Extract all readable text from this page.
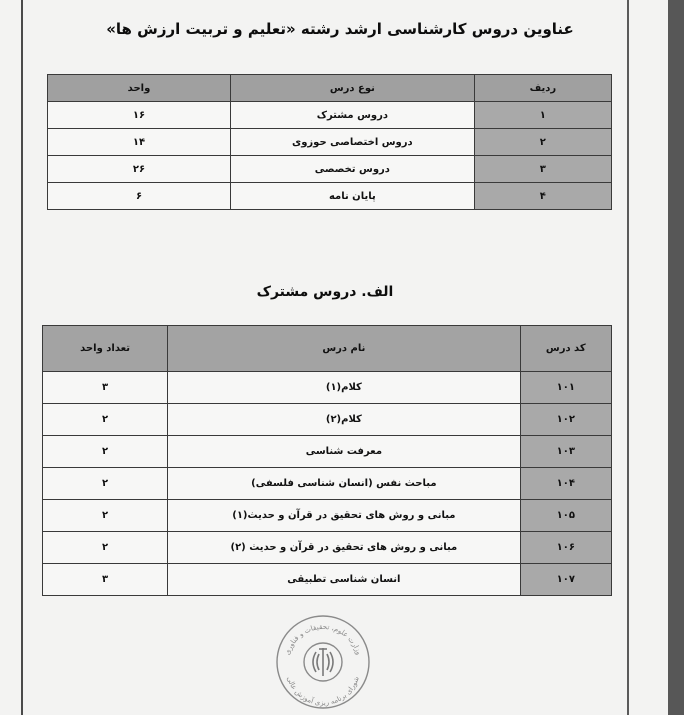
عناوین دروس کارشناسی ارشد رشته «تعلیم و تربیت ارزش ها»
ردیف	نوع درس	واحد
۱	دروس مشترک	۱۶
۲	دروس اختصاصی حوزوی	۱۴
۳	دروس تخصصی	۲۶
۴	پایان نامه	۶
الف. دروس مشترک
کد درس	نام درس	تعداد واحد
۱۰۱	کلام(۱)	۳
۱۰۲	کلام(۲)	۲
۱۰۳	معرفت شناسی	۲
۱۰۴	مباحث نفس (انسان شناسی فلسفی)	۲
۱۰۵	مبانی و روش های تحقیق در قرآن و حدیث(۱)	۲
۱۰۶	مبانی و روش های تحقیق در قرآن و حدیث (۲)	۲
۱۰۷	انسان شناسی تطبیقی	۳
وزارت علوم، تحقیقات و فناوری
شورای برنامه ریزی آموزش عالی
